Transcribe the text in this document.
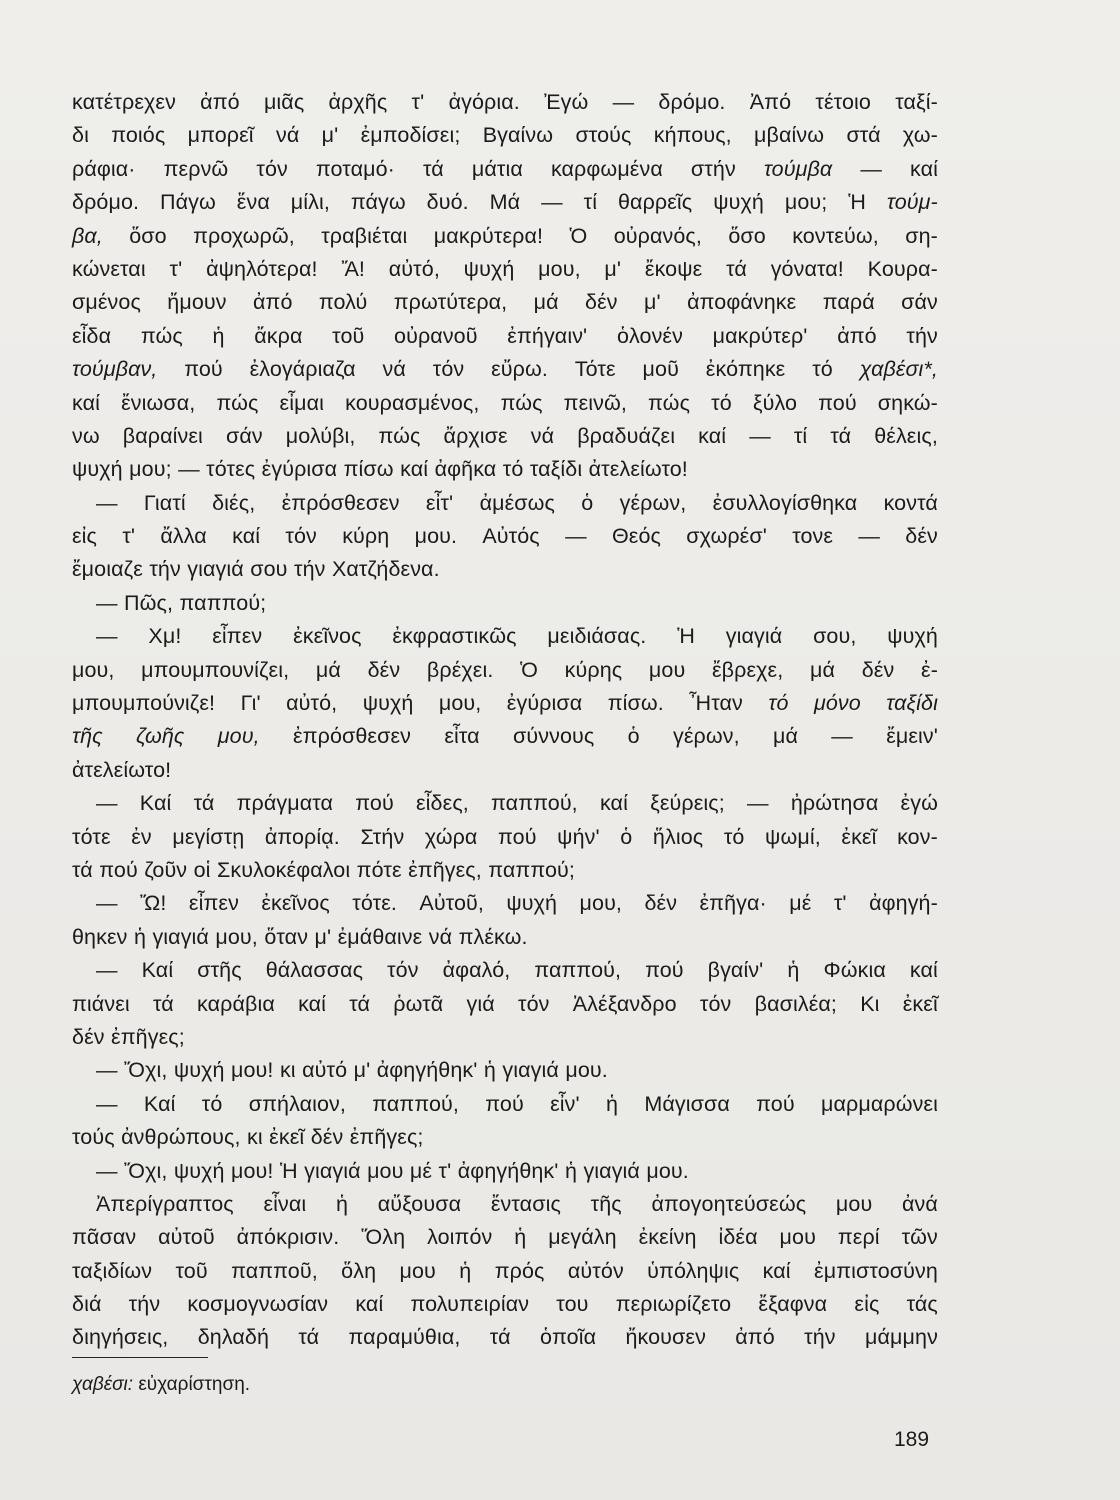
κατέτρεχεν ἀπό μιᾶς ἀρχῆς τ' ἀγόρια. Ἐγώ — δρόμο. Ἀπό τέτοιο ταξί-
δι ποιός μπορεῖ νά μ' ἐμποδίσει; Βγαίνω στούς κήπους, μβαίνω στά χω-
ράφια· περνῶ τόν ποταμό· τά μάτια καρφωμένα στήν τούμβα — καί
δρόμο. Πάγω ἕνα μίλι, πάγω δυό. Μά — τί θαρρεῖς ψυχή μου; Ἡ τούμ-
βα, ὅσο προχωρῶ, τραβιέται μακρύτερα! Ὁ οὐρανός, ὅσο κοντεύω, ση-
κώνεται τ' ἀψηλότερα! Ἄ! αὐτό, ψυχή μου, μ' ἔκοψε τά γόνατα! Κουρα-
σμένος ἤμουν ἀπό πολύ πρωτύτερα, μά δέν μ' ἀποφάνηκε παρά σάν
εἶδα πώς ἡ ἄκρα τοῦ οὐρανοῦ ἐπήγαιν' ὁλονέν μακρύτερ' ἀπό τήν
τούμβαν, πού ἐλογάριαζα νά τόν εὔρω. Τότε μοῦ ἐκόπηκε τό χαβέσι*,
καί ἔνιωσα, πώς εἶμαι κουρασμένος, πώς πεινῶ, πώς τό ξύλο πού σηκώ-
νω βαραίνει σάν μολύβι, πώς ἄρχισε νά βραδυάζει καί — τί τά θέλεις,
ψυχή μου; — τότες ἐγύρισα πίσω καί ἀφῆκα τό ταξίδι ἀτελείωτο!
— Γιατί διές, ἐπρόσθεσεν εἶτ' ἀμέσως ὁ γέρων, ἐσυλλογίσθηκα κοντά
εἰς τ' ἄλλα καί τόν κύρη μου. Αὐτός — Θεός σχωρέσ' τονε — δέν
ἔμοιαζε τήν γιαγιά σου τήν Χατζήδενα.
— Πῶς, παππού;
— Χμ! εἶπεν ἐκεῖνος ἐκφραστικῶς μειδιάσας. Ἡ γιαγιά σου, ψυχή
μου, μπουμπουνίζει, μά δέν βρέχει. Ὁ κύρης μου ἔβρεχε, μά δέν ἐ-
μπουμπούνιζε! Γι' αὐτό, ψυχή μου, ἐγύρισα πίσω. Ἦταν τό μόνο ταξίδι
τῆς ζωῆς μου, ἐπρόσθεσεν εἶτα σύννους ὁ γέρων, μά — ἔμειν'
ἀτελείωτο!
— Καί τά πράγματα πού εἶδες, παππού, καί ξεύρεις; — ἠρώτησα ἐγώ
τότε ἐν μεγίστῃ ἀπορίᾳ. Στήν χώρα πού ψήν' ὁ ἥλιος τό ψωμί, ἐκεῖ κον-
τά πού ζοῦν οἱ Σκυλοκέφαλοι πότε ἐπῆγες, παππού;
— Ὤ! εἶπεν ἐκεῖνος τότε. Αὐτοῦ, ψυχή μου, δέν ἐπῆγα· μέ τ' ἀφηγή-
θηκεν ἡ γιαγιά μου, ὅταν μ' ἐμάθαινε νά πλέκω.
— Καί στῆς θάλασσας τόν ἀφαλό, παππού, πού βγαίν' ἡ Φώκια καί
πιάνει τά καράβια καί τά ῥωτᾶ γιά τόν Ἀλέξανδρο τόν βασιλέα; Κι ἐκεῖ
δέν ἐπῆγες;
— Ὄχι, ψυχή μου! κι αὐτό μ' ἀφηγήθηκ' ἡ γιαγιά μου.
— Καί τό σπήλαιον, παππού, πού εἶν' ἡ Μάγισσα πού μαρμαρώνει
τούς ἀνθρώπους, κι ἐκεῖ δέν ἐπῆγες;
— Ὄχι, ψυχή μου! Ἡ γιαγιά μου μέ τ' ἀφηγήθηκ' ἡ γιαγιά μου.
Ἀπερίγραπτος εἶναι ἡ αὔξουσα ἔντασις τῆς ἀπογοητεύσεώς μου ἀνά
πᾶσαν αὐτοῦ ἀπόκρισιν. Ὅλη λοιπόν ἡ μεγάλη ἐκείνη ἰδέα μου περί τῶν
ταξιδίων τοῦ παπποῦ, ὅλη μου ἡ πρός αὐτόν ὑπόληψις καί ἐμπιστοσύνη
διά τήν κοσμογνωσίαν καί πολυπειρίαν του περιωρίζετο ἔξαφνα εἰς τάς
διηγήσεις, δηλαδή τά παραμύθια, τά ὁποῖα ἤκουσεν ἀπό τήν μάμμην
χαβέσι: εὐχαρίστηση.
189
